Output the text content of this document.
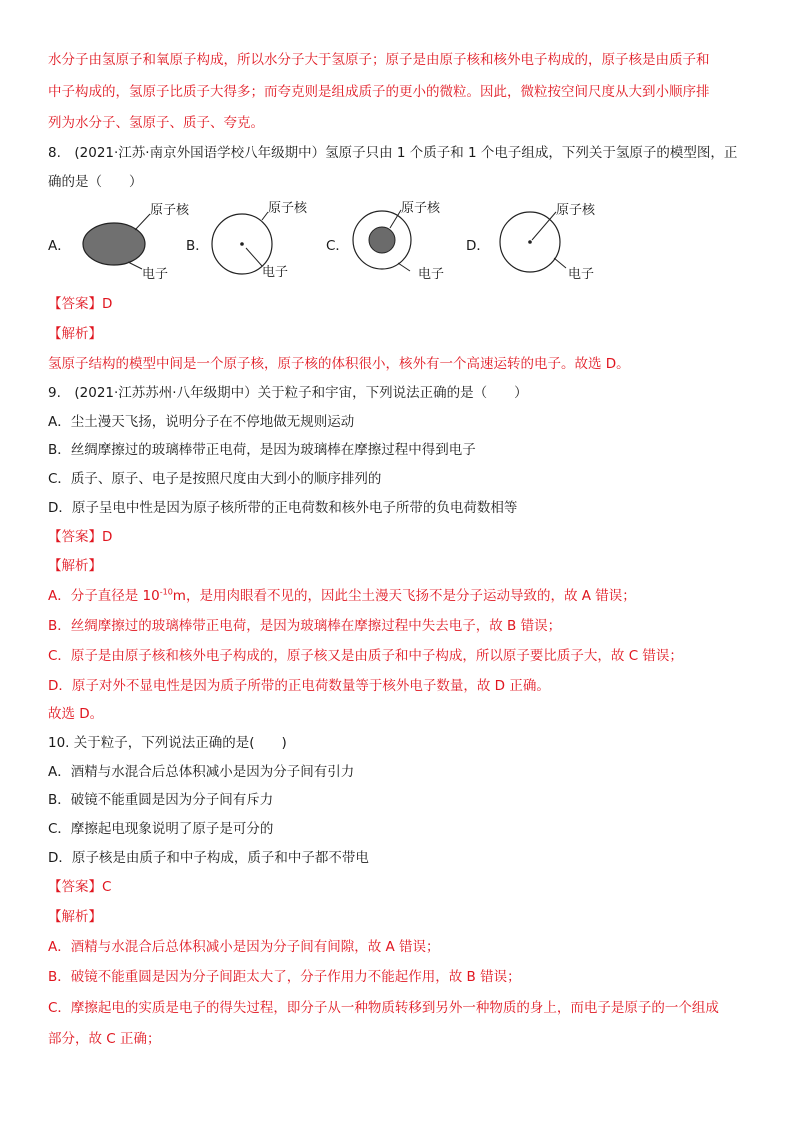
水分子由氢原子和氧原子构成，所以水分子大于氢原子；原子是由原子核和核外电子构成的，原子核是由质子和
中子构成的，氢原子比质子大得多；而夸克则是组成质子的更小的微粒。因此，微粒按空间尺度从大到小顺序排
列为水分子、氢原子、质子、夸克。
8.　(2021·江苏·南京外国语学校八年级期中）氢原子只由 1 个质子和 1 个电子组成，下列关于氢原子的模型图，正
确的是（　　）
A．
原子核
电子
B．
原子核
电子
C．
原子核
电子
D．
原子核
电子
【答案】D
【解析】
氢原子结构的模型中间是一个原子核，原子核的体积很小，核外有一个高速运转的电子。故选 D。
9.　(2021·江苏苏州·八年级期中）关于粒子和宇宙，下列说法正确的是（　　）
A．尘土漫天飞扬，说明分子在不停地做无规则运动
B．丝绸摩擦过的玻璃棒带正电荷，是因为玻璃棒在摩擦过程中得到电子
C．质子、原子、电子是按照尺度由大到小的顺序排列的
D．原子呈电中性是因为原子核所带的正电荷数和核外电子所带的负电荷数相等
【答案】D
【解析】
A．分子直径是 $10^{-10}m$，是用肉眼看不见的，因此尘土漫天飞扬不是分子运动导致的，故 A 错误；
B．丝绸摩擦过的玻璃棒带正电荷，是因为玻璃棒在摩擦过程中失去电子，故 B 错误；
C．原子是由原子核和核外电子构成的，原子核又是由质子和中子构成，所以原子要比质子大，故 C 错误；
D．原子对外不显电性是因为质子所带的正电荷数量等于核外电子数量，故 D 正确。
故选 D。
10. 关于粒子，下列说法正确的是(　　)
A．酒精与水混合后总体积减小是因为分子间有引力
B．破镜不能重圆是因为分子间有斥力
C．摩擦起电现象说明了原子是可分的
D．原子核是由质子和中子构成，质子和中子都不带电
【答案】C
【解析】
A．酒精与水混合后总体积减小是因为分子间有间隙，故 A 错误；
B．破镜不能重圆是因为分子间距太大了，分子作用力不能起作用，故 B 错误；
C．摩擦起电的实质是电子的得失过程，即分子从一种物质转移到另外一种物质的身上，而电子是原子的一个组成
部分，故 C 正确；
